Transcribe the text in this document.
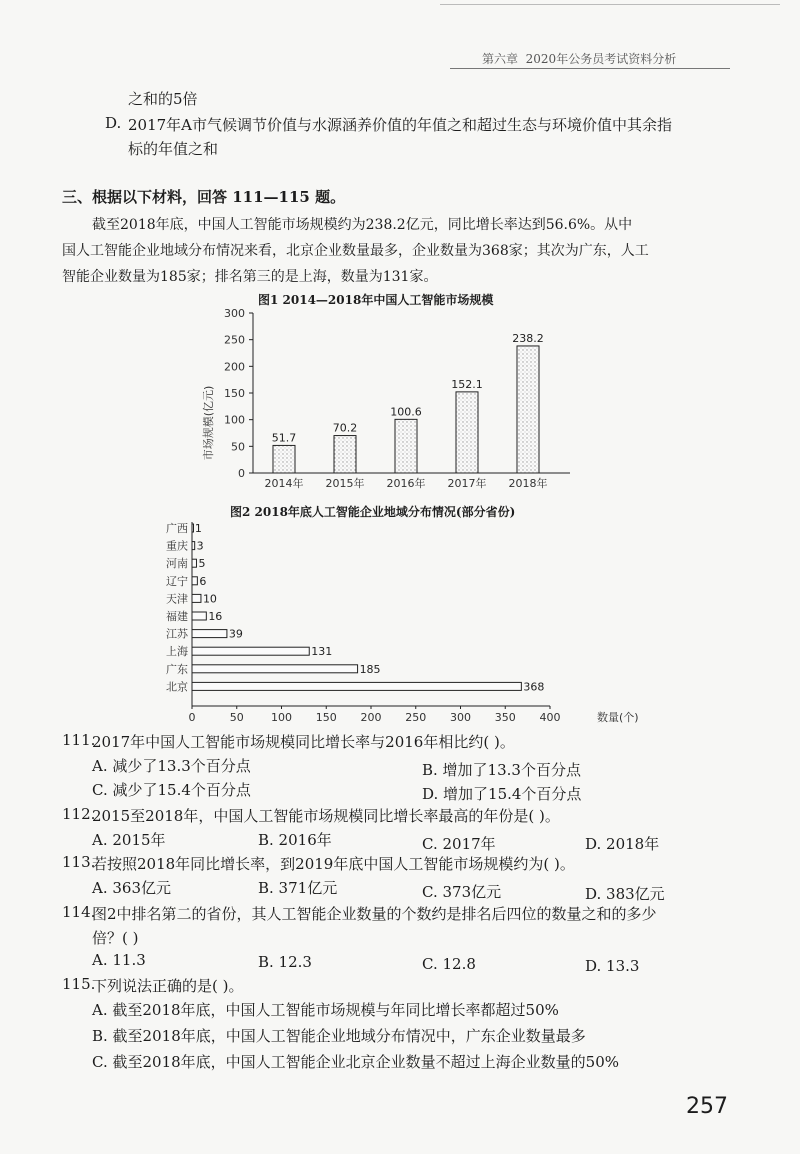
第六章 2020年公务员考试资料分析
之和的5倍
D. 2017年A市气候调节价值与水源涵养价值的年值之和超过生态与环境价值中其余指
标的年值之和
三、根据以下材料，回答 111—115 题。
截至2018年底，中国人工智能市场规模约为238.2亿元，同比增长率达到56.6%。从中
国人工智能企业地域分布情况来看，北京企业数量最多，企业数量为368家；其次为广东，人工
智能企业数量为185家；排名第三的是上海，数量为131家。
图1 2014—2018年中国人工智能市场规模
市场规模(亿元)
0
50
100
150
200
250
300
51.7
2014年
70.2
2015年
100.6
2016年
152.1
2017年
238.2
2018年
图2 2018年底人工智能企业地域分布情况(部分省份)
广西 1
重庆 3
河南 5
辽宁 6
天津 10
福建 16
江苏	39
上海	131
广东	185
北京	368
0	50 100 150 200 250 300 350 400	数量(个)
111.
2017年中国人工智能市场规模同比增长率与2016年相比约( )。
A. 减少了13.3个百分点	B. 增加了13.3个百分点
C. 减少了15.4个百分点	D. 增加了15.4个百分点
112.
2015至2018年，中国人工智能市场规模同比增长率最高的年份是( )。
A. 2015年	B. 2016年	C. 2017年	D. 2018年
113.
若按照2018年同比增长率，到2019年底中国人工智能市场规模约为( )。
A. 363亿元	B. 371亿元	C. 373亿元	D. 383亿元
114.
图2中排名第二的省份，其人工智能企业数量的个数约是排名后四位的数量之和的多少
倍？( )
A. 11.3	B. 12.3	C. 12.8	D. 13.3
115.
下列说法正确的是( )。
A. 截至2018年底，中国人工智能市场规模与年同比增长率都超过50%
B. 截至2018年底，中国人工智能企业地域分布情况中，广东企业数量最多
C. 截至2018年底，中国人工智能企业北京企业数量不超过上海企业数量的50%
257
